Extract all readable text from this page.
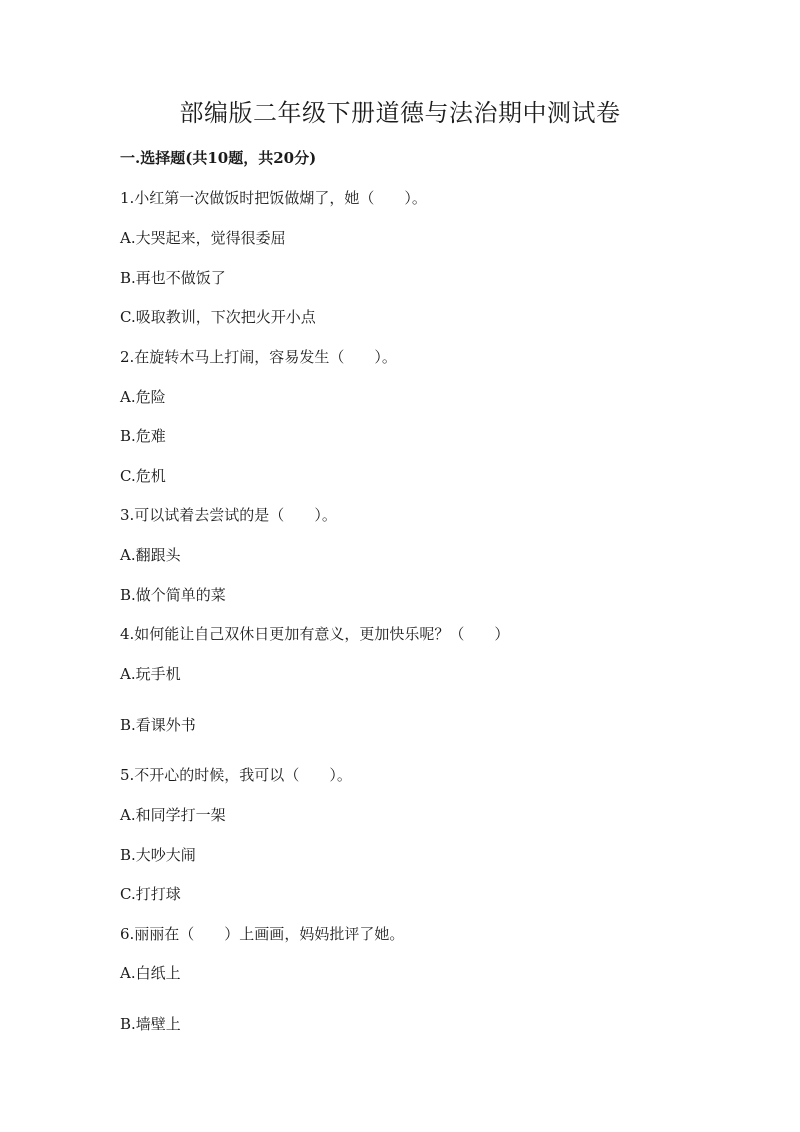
部编版二年级下册道德与法治期中测试卷
一.选择题(共10题，共20分)

1.小红第一次做饭时把饭做煳了，她（　　）。

A.大哭起来，觉得很委屈

B.再也不做饭了

C.吸取教训，下次把火开小点

2.在旋转木马上打闹，容易发生（　　）。

A.危险

B.危难

C.危机

3.可以试着去尝试的是（　　）。

A.翻跟头

B.做个简单的菜

4.如何能让自己双休日更加有意义，更加快乐呢？（　　）

A.玩手机

B.看课外书

5.不开心的时候，我可以（　　）。

A.和同学打一架

B.大吵大闹

C.打打球

6.丽丽在（　　）上画画，妈妈批评了她。

A.白纸上

B.墙壁上
